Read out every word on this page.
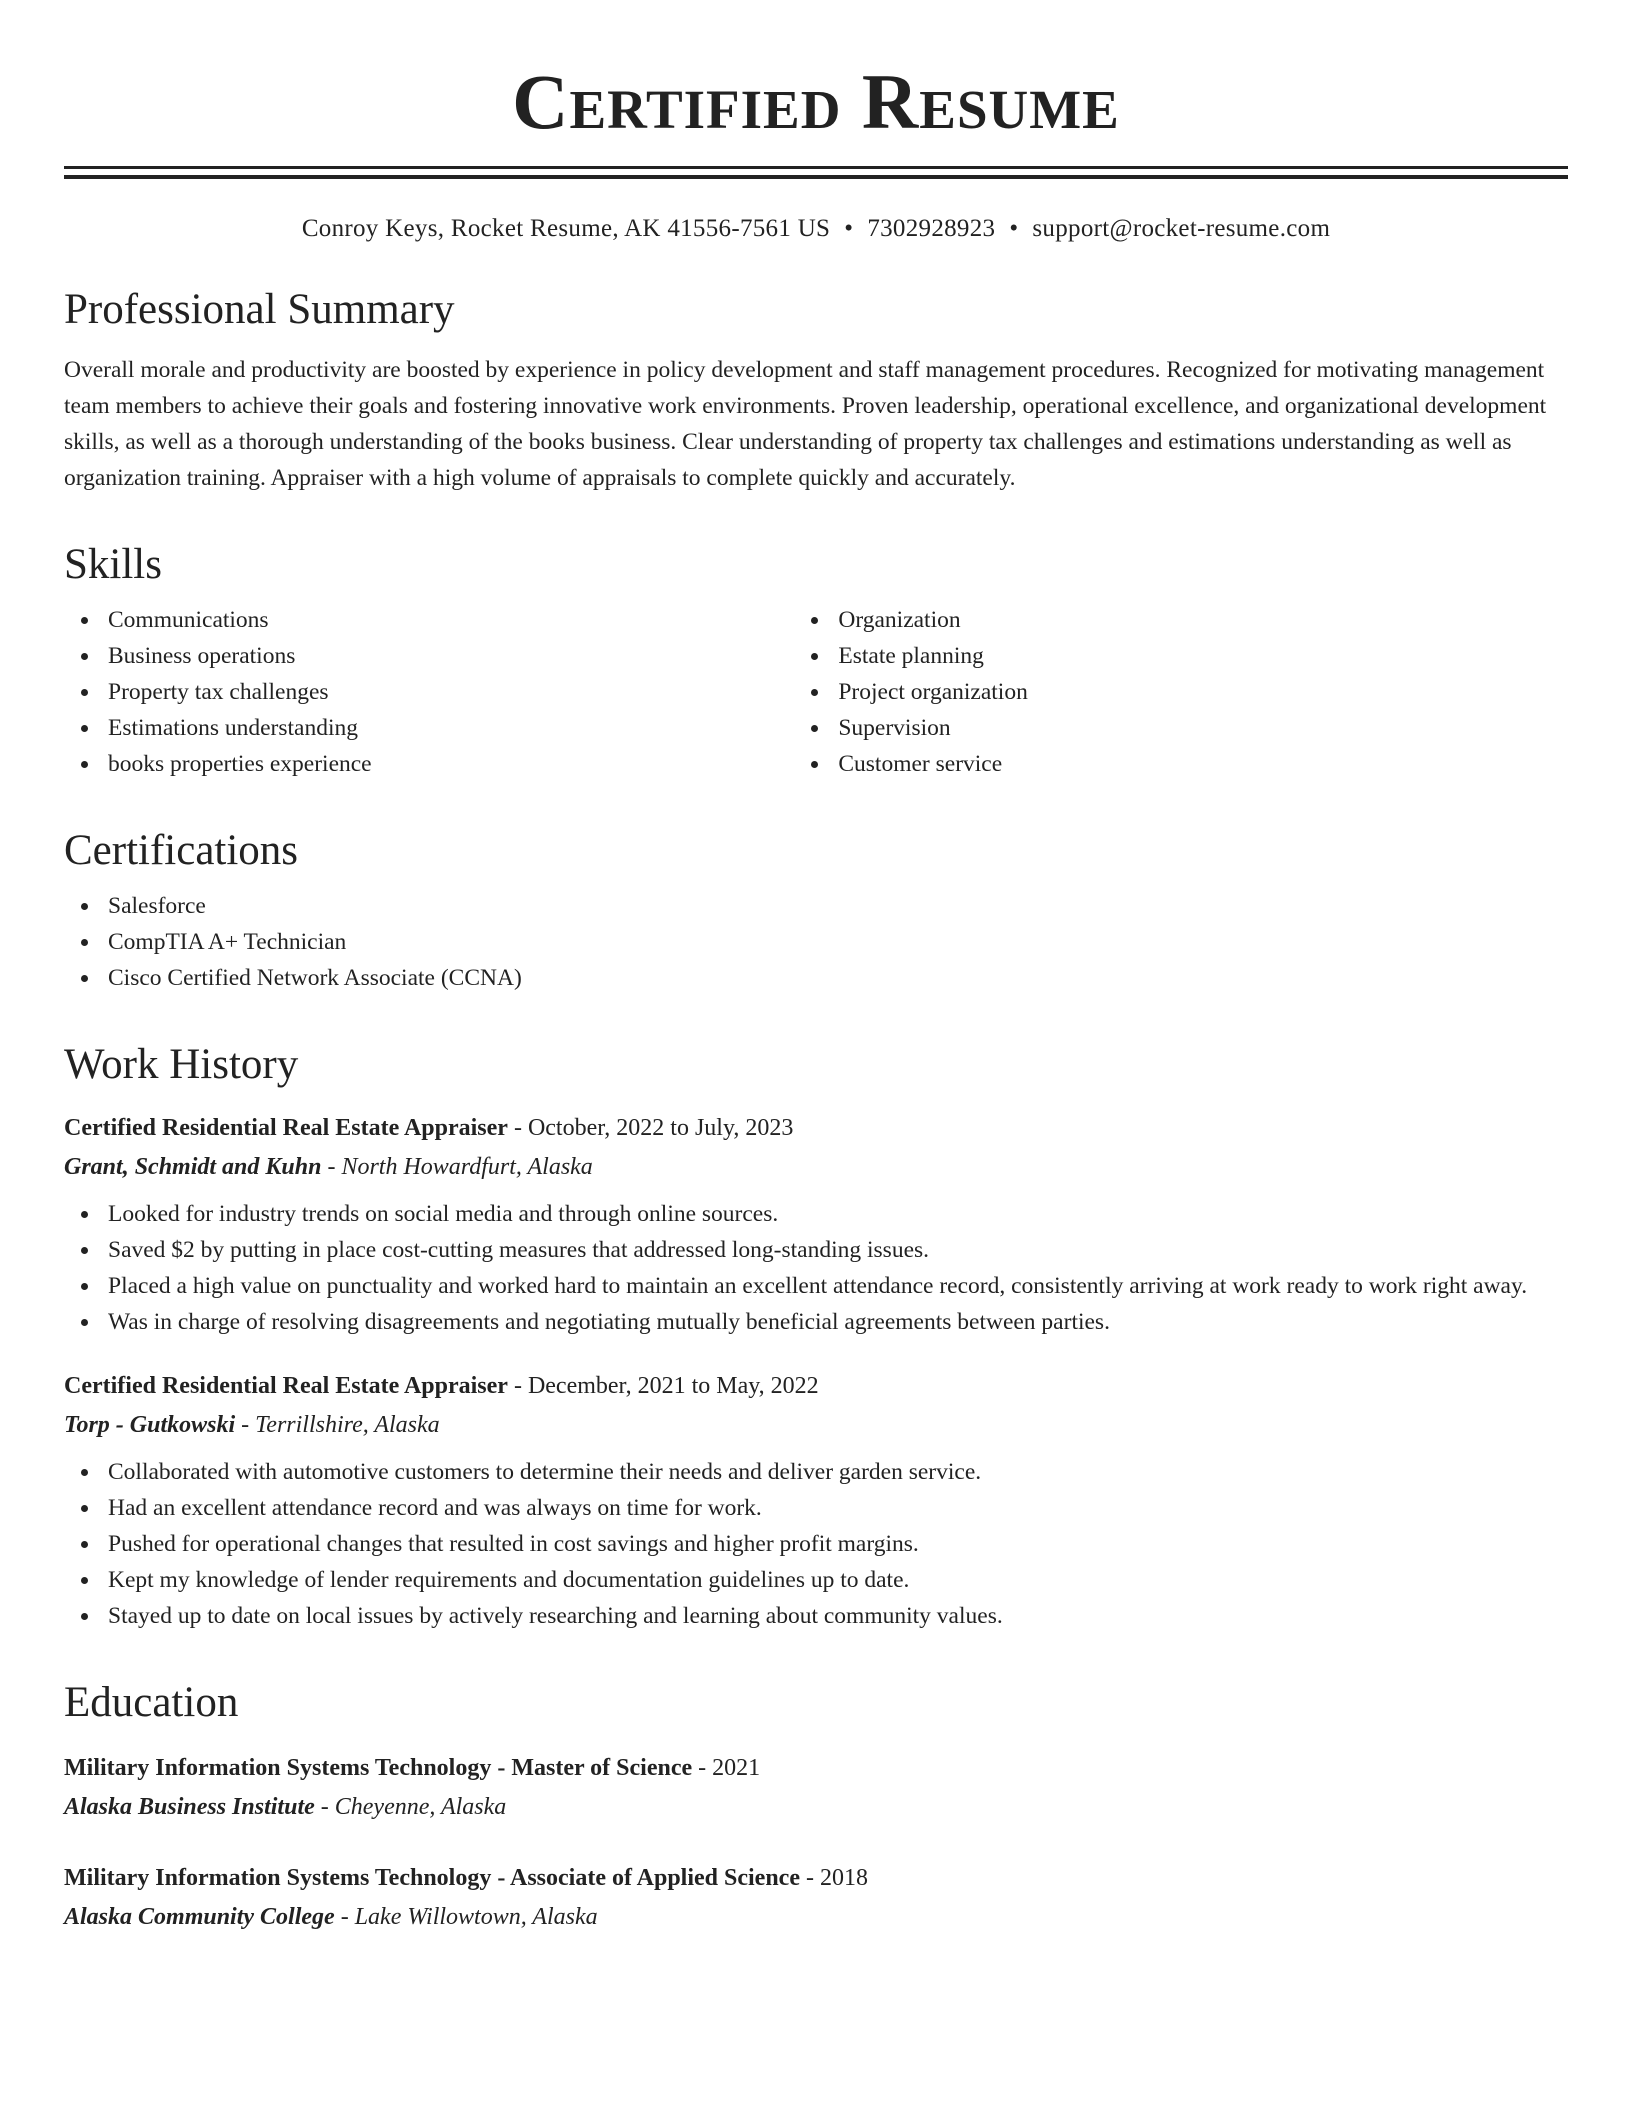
Certified Resume
Conroy Keys, Rocket Resume, AK 41556-7561 US • 7302928923 • support@rocket-resume.com
Professional Summary

Overall morale and productivity are boosted by experience in policy development and staff management procedures. Recognized for motivating management team members to achieve their goals and fostering innovative work environments. Proven leadership, operational excellence, and organizational development skills, as well as a thorough understanding of the books business. Clear understanding of property tax challenges and estimations understanding as well as organization training. Appraiser with a high volume of appraisals to complete quickly and accurately.

Skills
Communications
Business operations
Property tax challenges
Estimations understanding
books properties experience
Organization
Estate planning
Project organization
Supervision
Customer service
Certifications
Salesforce
CompTIA A+ Technician
Cisco Certified Network Associate (CCNA)
Work History
Certified Residential Real Estate Appraiser - October, 2022 to July, 2023
Grant, Schmidt and Kuhn - North Howardfurt, Alaska
Looked for industry trends on social media and through online sources.
Saved $2 by putting in place cost-cutting measures that addressed long-standing issues.
Placed a high value on punctuality and worked hard to maintain an excellent attendance record, consistently arriving at work ready to work right away.
Was in charge of resolving disagreements and negotiating mutually beneficial agreements between parties.
Certified Residential Real Estate Appraiser - December, 2021 to May, 2022
Torp - Gutkowski - Terrillshire, Alaska
Collaborated with automotive customers to determine their needs and deliver garden service.
Had an excellent attendance record and was always on time for work.
Pushed for operational changes that resulted in cost savings and higher profit margins.
Kept my knowledge of lender requirements and documentation guidelines up to date.
Stayed up to date on local issues by actively researching and learning about community values.
Education
Military Information Systems Technology - Master of Science - 2021
Alaska Business Institute - Cheyenne, Alaska
Military Information Systems Technology - Associate of Applied Science - 2018
Alaska Community College - Lake Willowtown, Alaska
